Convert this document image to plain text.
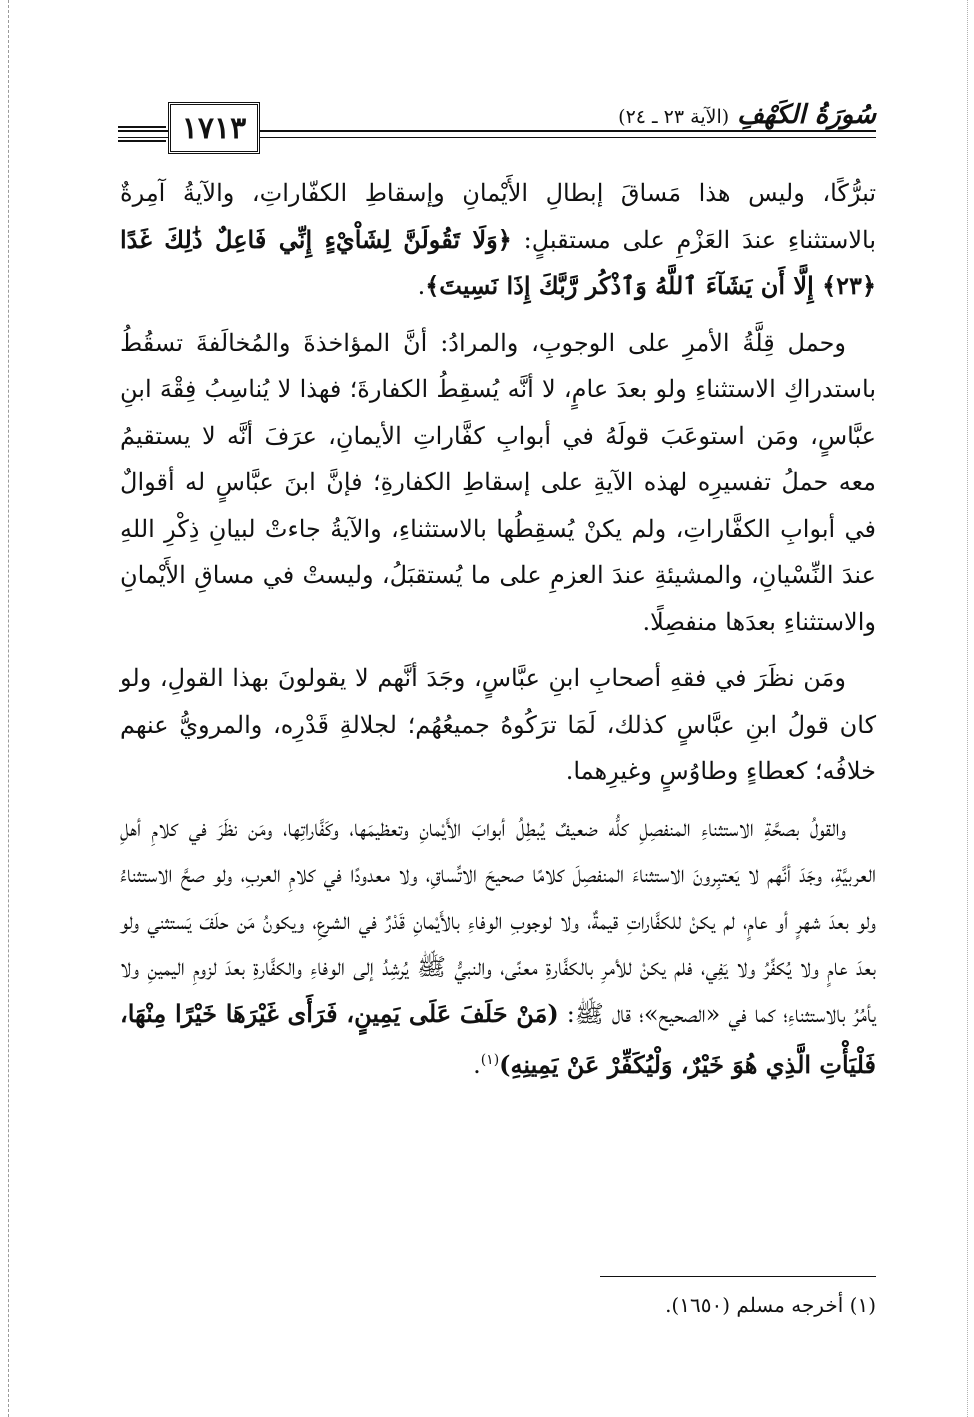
١٧١٣	سُورَةُ الكَهْفِ
(الآية ٢٣ ـ ٢٤)

تبرُّكًا، وليس هذا مَساقَ إبطالِ الأَيْمانِ وإسقاطِ الكفّاراتِ، والآيةُ آمِرةٌ بالاستثناءِ عندَ العَزْمِ على مستقبلٍ: ﴿وَلَا تَقُولَنَّ لِشَاْيْءٍ إِنِّي فَاعِلٌ ذَٰلِكَ غَدًا ﴿٢٣﴾ إِلَّا أَن يَشَآءَ ٱللَّهُ وَٱذْكُر رَّبَّكَ إِذَا نَسِيتَ﴾.

وحمل قِلَّةُ الأمرِ على الوجوبِ، والمرادُ: أنَّ المؤاخذةَ والمُخالَفةَ تسقُطُ باستدراكِ الاستثناءِ ولو بعدَ عامٍ، لا أنَّه يُسقِطُ الكفارةَ؛ فهذا لا يُناسِبُ فِقْهَ ابنِ عبَّاسٍ، ومَن استوعَبَ قولَهُ في أبوابِ كفَّاراتِ الأيمانِ، عرَفَ أنَّه لا يستقيمُ معه حملُ تفسيرِه لهذه الآيةِ على إسقاطِ الكفارةِ؛ فإنَّ ابنَ عبَّاسٍ له أقوالٌ في أبوابِ الكفَّاراتِ، ولم يكنْ يُسقِطُها بالاستثناءِ، والآيةُ جاءتْ لبيانِ ذِكْرِ اللهِ عندَ النِّسْيانِ، والمشيئةِ عندَ العزمِ على ما يُستقبَلُ، وليستْ في مساقِ الأَيْمانِ والاستثناءِ بعدَها منفصِلًا.

ومَن نظَرَ في فقهِ أصحابِ ابنِ عبَّاسٍ، وجَدَ أنَّهم لا يقولونَ بهذا القولِ، ولو كان قولُ ابنِ عبَّاسٍ كذلك، لَمَا ترَكُوهُ جميعُهُم؛ لجلالةِ قَدْرِه، والمرويُّ عنهم خلافُه؛ كعطاءٍ وطاوُسٍ وغيرِهما.

والقولُ بصحَّةِ الاستثناءِ المنفصِلِ كلُّه ضعيفٌ يُبطِلُ أبوابَ الأَيْمانِ وتعظيمَها، وكَفَّاراتِها، ومَن نظَرَ في كلامِ أهلِ العربيَّةِ، وجَدَ أنَّهم لا يَعتبِرونَ الاستثناءَ المنفصِلَ كلامًا صحيحَ الاتِّساقِ، ولا معدودًا في كلامِ العربِ، ولو صحَّ الاستثناءُ ولو بعدَ شهرٍ أو عامٍ، لم يكنْ للكفَّاراتِ قيمةٌ، ولا لوجوبِ الوفاءِ بالأَيْمانِ قَدْرٌ في الشرعِ، ويكونُ مَن حلَفَ يَستثني ولو بعدَ عامٍ ولا يُكفِّرُ ولا يَفِي، فلم يكنْ للأمرِ بالكفَّارةِ معنًى، والنبيُّ ﷺ يُرشِدُ إلى الوفاءِ والكفَّارةِ بعدَ لزومِ اليمينِ ولا يأمُرُ بالاستثناءِ؛ كما في «الصحيح»؛ قال ﷺ: (مَنْ حَلَفَ عَلَى يَمِينٍ، فَرَأَى غَيْرَهَا خَيْرًا مِنْهَا، فَلْيَأْتِ الَّذِي هُوَ خَيْرٌ، وَلْيُكَفِّرْ عَنْ يَمِينِهِ)$^{(١)}$.

(١) أخرجه مسلم (١٦٥٠).
